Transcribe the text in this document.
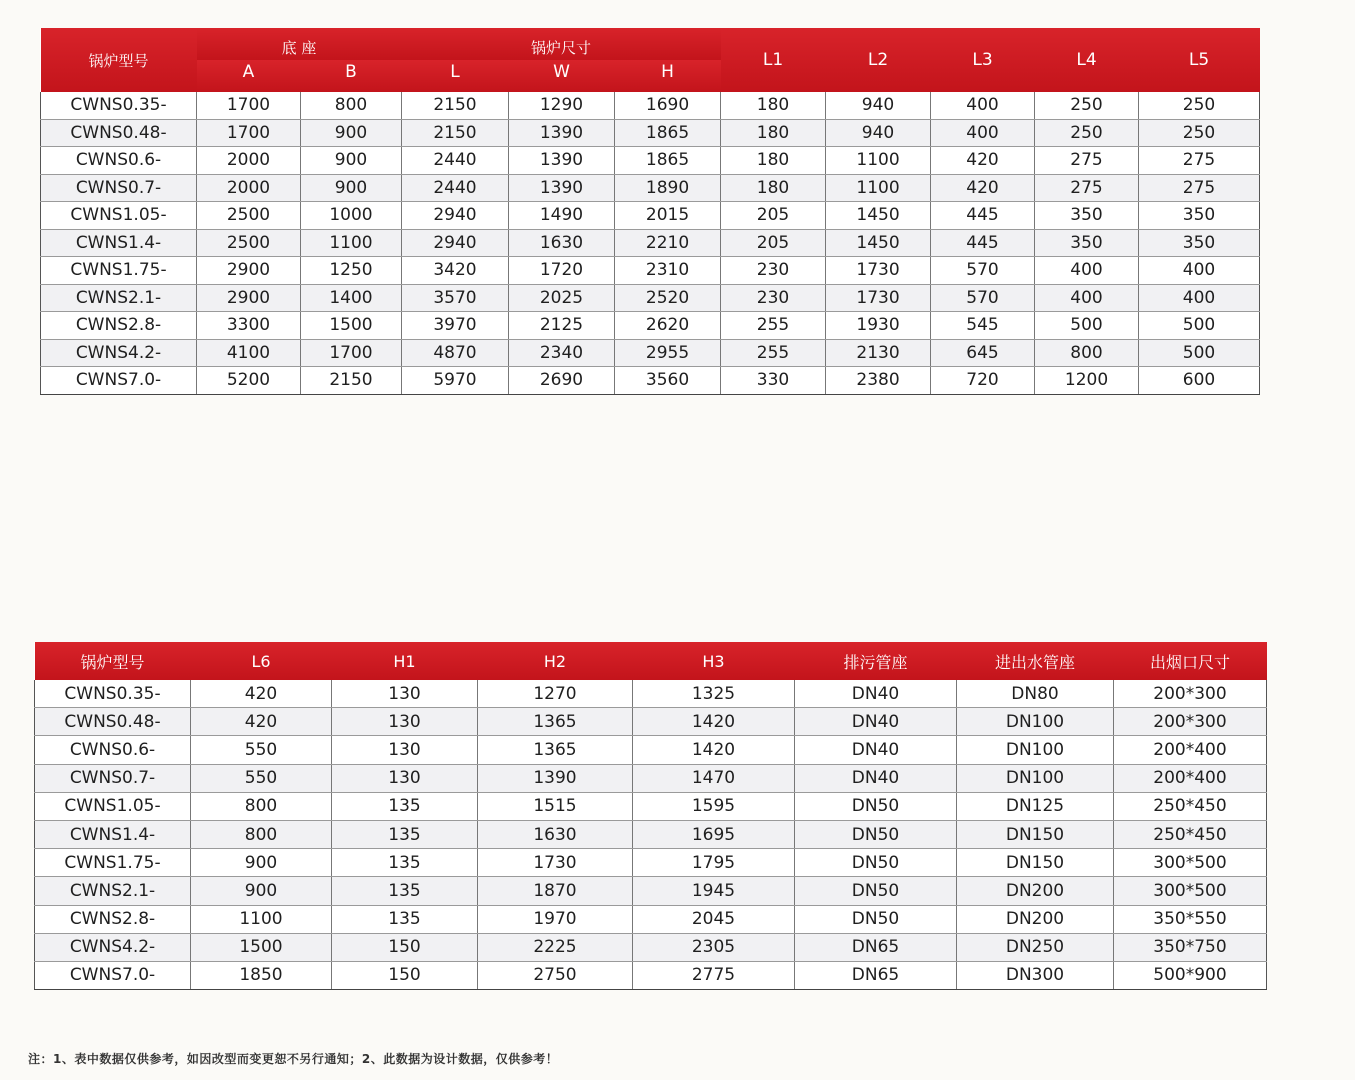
锅炉型号	底 座		锅炉尺寸			L1	L2	L3	L4	L5
	A	B	L	W	H					
CWNS0.35-	1700	800	2150	1290	1690	180	940	400	250	250
CWNS0.48-	1700	900	2150	1390	1865	180	940	400	250	250
CWNS0.6-	2000	900	2440	1390	1865	180	1100	420	275	275
CWNS0.7-	2000	900	2440	1390	1890	180	1100	420	275	275
CWNS1.05-	2500	1000	2940	1490	2015	205	1450	445	350	350
CWNS1.4-	2500	1100	2940	1630	2210	205	1450	445	350	350
CWNS1.75-	2900	1250	3420	1720	2310	230	1730	570	400	400
CWNS2.1-	2900	1400	3570	2025	2520	230	1730	570	400	400
CWNS2.8-	3300	1500	3970	2125	2620	255	1930	545	500	500
CWNS4.2-	4100	1700	4870	2340	2955	255	2130	645	800	500
CWNS7.0-	5200	2150	5970	2690	3560	330	2380	720	1200	600
锅炉型号	L6	H1	H2	H3	排污管座	进出水管座	出烟口尺寸
CWNS0.35-	420	130	1270	1325	DN40	DN80	200*300
CWNS0.48-	420	130	1365	1420	DN40	DN100	200*300
CWNS0.6-	550	130	1365	1420	DN40	DN100	200*400
CWNS0.7-	550	130	1390	1470	DN40	DN100	200*400
CWNS1.05-	800	135	1515	1595	DN50	DN125	250*450
CWNS1.4-	800	135	1630	1695	DN50	DN150	250*450
CWNS1.75-	900	135	1730	1795	DN50	DN150	300*500
CWNS2.1-	900	135	1870	1945	DN50	DN200	300*500
CWNS2.8-	1100	135	1970	2045	DN50	DN200	350*550
CWNS4.2-	1500	150	2225	2305	DN65	DN250	350*750
CWNS7.0-	1850	150	2750	2775	DN65	DN300	500*900
注：1、表中数据仅供参考，如因改型而变更恕不另行通知；2、此数据为设计数据，仅供参考！
